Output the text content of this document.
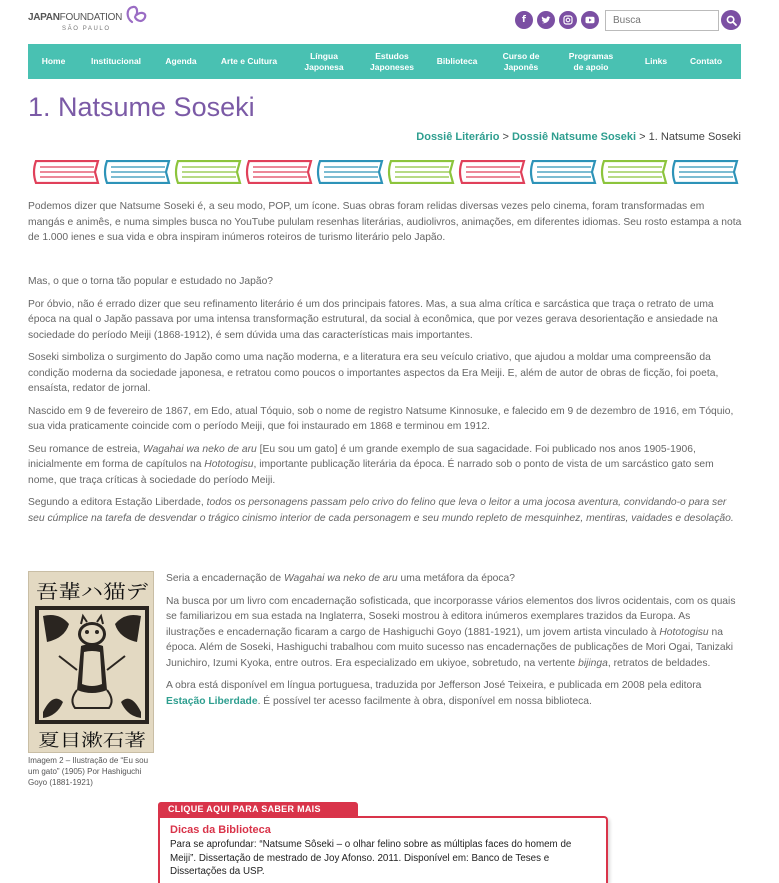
JAPANFOUNDATION
SÃO PAULO
f
Busca
Home	Institucional	Agenda	Arte e Cultura
Língua Japonesa
Estudos Japoneses
Biblioteca
Curso de Japonês
Programas de apoio
Links	Contato
1. Natsume Soseki
Dossiê Literário > Dossiê Natsume Soseki > 1. Natsume Soseki

Podemos dizer que Natsume Soseki é, a seu modo, POP, um ícone. Suas obras foram relidas diversas vezes pelo cinema, foram transformadas em mangás e animês, e numa simples busca no YouTube pululam resenhas literárias, audiolivros, animações, em diferentes idiomas. Seu rosto estampa a nota de 1.000 ienes e sua vida e obra inspiram inúmeros roteiros de turismo literário pelo Japão.

Mas, o que o torna tão popular e estudado no Japão?

Por óbvio, não é errado dizer que seu refinamento literário é um dos principais fatores. Mas, a sua alma crítica e sarcástica que traça o retrato de uma época na qual o Japão passava por uma intensa transformação estrutural, da social à econômica, que por vezes gerava desorientação e ansiedade na sociedade do período Meiji (1868-1912), é sem dúvida uma das características mais importantes.

Soseki simboliza o surgimento do Japão como uma nação moderna, e a literatura era seu veículo criativo, que ajudou a moldar uma compreensão da condição moderna da sociedade japonesa, e retratou como poucos o importantes aspectos da Era Meiji. E, além de autor de obras de ficção, foi poeta, ensaísta, redator de jornal.

Nascido em 9 de fevereiro de 1867, em Edo, atual Tóquio, sob o nome de registro Natsume Kinnosuke, e falecido em 9 de dezembro de 1916, em Tóquio, sua vida praticamente coincide com o período Meiji, que foi instaurado em 1868 e terminou em 1912.

Seu romance de estreia, Wagahai wa neko de aru [Eu sou um gato] é um grande exemplo de sua sagacidade. Foi publicado nos anos 1905-1906, inicialmente em forma de capítulos na Hototogisu, importante publicação literária da época. É narrado sob o ponto de vista de um sarcástico gato sem nome, que traça críticas à sociedade do período Meiji.

Segundo a editora Estação Liberdade, todos os personagens passam pelo crivo do felino que leva o leitor a uma jocosa aventura, convidando-o para ser seu cúmplice na tarefa de desvendar o trágico cinismo interior de cada personagem e seu mundo repleto de mesquinhez, mentiras, vaidades e desolação.

吾輩ハ猫デ
夏目漱石著
Imagem 2 – Ilustração de “Eu sou um gato” (1905) Por Hashiguchi Goyo (1881-1921)

Seria a encadernação de Wagahai wa neko de aru uma metáfora da época?

Na busca por um livro com encadernação sofisticada, que incorporasse vários elementos dos livros ocidentais, com os quais se familiarizou em sua estada na Inglaterra, Soseki mostrou à editora inúmeros exemplares trazidos da Europa. As ilustrações e encadernação ficaram a cargo de Hashiguchi Goyo (1881-1921), um jovem artista vinculado à Hototogisu na época. Além de Soseki, Hashiguchi trabalhou com muito sucesso nas encadernações de publicações de Mori Ogai, Tanizaki Junichiro, Izumi Kyoka, entre outros. Era especializado em ukiyoe, sobretudo, na vertente bijinga, retratos de beldades.

A obra está disponível em língua portuguesa, traduzida por Jefferson José Teixeira, e publicada em 2008 pela editora Estação Liberdade. É possível ter acesso facilmente à obra, disponível em nossa biblioteca.

CLIQUE AQUI PARA SABER MAIS
Dicas da Biblioteca
Para se aprofundar: “Natsume Sôseki – o olhar felino sobre as múltiplas faces do homem de Meiji”. Dissertação de mestrado de Joy Afonso. 2011. Disponível em: Banco de Teses e Dissertações da USP.
